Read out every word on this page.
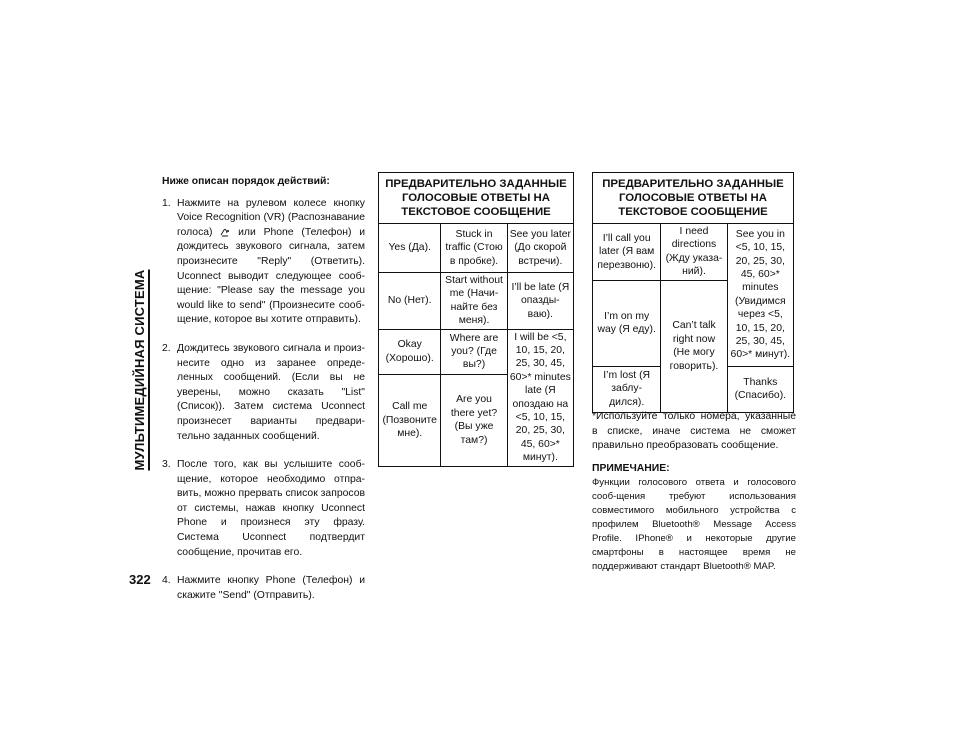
МУЛЬТИМЕДИЙНАЯ СИСТЕМА
322
Ниже описан порядок действий:
1. Нажмите на рулевом колесе кнопку Voice Recognition (VR) (Распознавание голоса) или Phone (Телефон) и дождитесь звукового сигнала, затем произнесите "Reply" (Ответить). Uconnect выводит следующее сооб-щение: "Please say the message you would like to send" (Произнесите сооб-щение, которое вы хотите отправить).
2. Дождитесь звукового сигнала и произ-несите одно из заранее опреде-ленных сообщений. (Если вы не уверены, можно сказать "List" (Список)). Затем система Uconnect произнесет варианты предвари-тельно заданных сообщений.
3. После того, как вы услышите сооб-щение, которое необходимо отпра-вить, можно прервать список запросов от системы, нажав кнопку Uconnect Phone и произнеся эту фразу. Система Uconnect подтвердит сообщение, прочитав его.
4. Нажмите кнопку Phone (Телефон) и скажите "Send" (Отправить).
ПРЕДВАРИТЕЛЬНО ЗАДАННЫЕ ГОЛОСОВЫЕ ОТВЕТЫ НА ТЕКСТОВОЕ СООБЩЕНИЕ		
Yes (Да).	Stuck in traffic (Стою в пробке).	See you later (До скорой встречи).
No (Нет).	Start without me (Начи-найте без меня).	I’ll be late (Я опазды-ваю).
Okay (Хорошо).	Where are you? (Где вы?)	I will be <5, 10, 15, 20, 25, 30, 45, 60>* minutes late (Я опоздаю на <5, 10, 15, 20, 25, 30, 45, 60>* минут).
Call me (Позвоните мне).	Are you there yet? (Вы уже там?)	
ПРЕДВАРИТЕЛЬНО ЗАДАННЫЕ ГОЛОСОВЫЕ ОТВЕТЫ НА ТЕКСТОВОЕ СООБЩЕНИЕ		
I’ll call you later (Я вам перезвоню).	I need directions (Жду указа-ний).	See you in <5, 10, 15, 20, 25, 30, 45, 60>* minutes (Увидимся через <5, 10, 15, 20, 25, 30, 45, 60>* минут).
I’m on my way (Я еду).	Can’t talk right now (Не могу говорить).	
I’m lost (Я заблу-дился).		Thanks (Спасибо).

*Используйте только номера, указанные в списке, иначе система не сможет правильно преобразовать сообщение.

ПРИМЕЧАНИЕ:

Функции голосового ответа и голосового сооб-щения требуют использования совместимого мобильного устройства с профилем Bluetooth® Message Access Profile. IPhone® и некоторые другие смартфоны в настоящее время не поддерживают стандарт Bluetooth® MAP.
